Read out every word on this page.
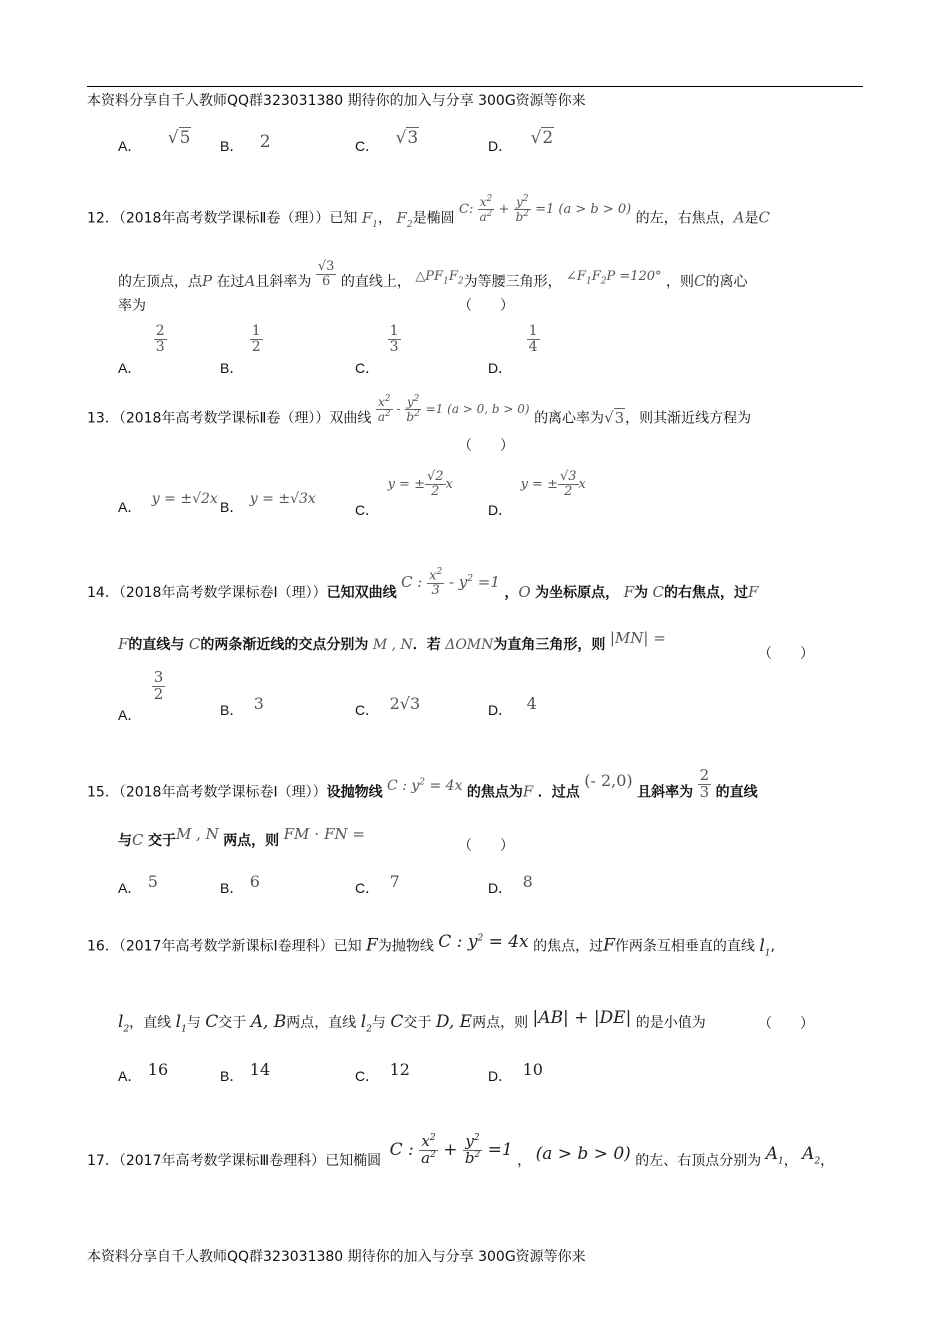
本资料分享自千人教师QQ群323031380 期待你的加入与分享 300G资源等你来
A． √5 B． 2	C． √3	D． √2
12．（2018年高考数学课标Ⅱ卷（理））已知 $F_1$， $F_2$是椭圆 C: $\frac{x^2}{a^2} + \frac{y^2}{b^2} =1$ (a > b > 0) 的左，右焦点，A是C
的左顶点，点P 在过A且斜率为 $\frac{√3}{6}$ 的直线上， $\triangle PF_1F_2$为等腰三角形， $\angle F_1F_2P =120^\circ$ ，则C的离心
率为	（　　）
A．
$\frac{2}{3}$
B．
$\frac{1}{2}$
C．
$\frac{1}{3}$
D．
$\frac{1}{4}$
13．（2018年高考数学课标Ⅱ卷（理））双曲线 $\frac{x^2}{a^2} - \frac{y^2}{b^2} =1$ (a > 0, b > 0) 的离心率为√3，则其渐近线方程为
（　　）
A． y = ±√2x B． y = ±√3x
C． y = ± $\frac{√2}{2}$ x
D． y = ± $\frac{√3}{2}$ x
14．（2018年高考数学课标卷Ⅰ（理））已知双曲线 C : $\frac{x^2}{3} - y^2 =1$ ，O 为坐标原点， F为 C的右焦点，过F
F的直线与 C的两条渐近线的交点分别为 M , N．若 ΔOMN为直角三角形，则 |MN| =
（　　）
A．
$\frac{3}{2}$
B． 3	C． 2√3	D． 4
15．（2018年高考数学课标卷Ⅰ（理））设抛物线 C : $y^2 = 4x$ 的焦点为F ．过点 (- 2,0) 且斜率为 $\frac{2}{3}$ 的直线
与C 交于M , N 两点，则 FM ⋅ FN =
（　　）
A． 5	B． 6	C． 7	D． 8
16．（2017年高考数学新课标Ⅰ卷理科）已知 F为抛物线 C : $y^2 = 4x$ 的焦点，过F作两条互相垂直的直线 $l_1$,
$l_2$，直线 $l_1$与 C交于 A, B两点，直线 $l_2$与 C交于 D, E两点，则 |AB| + |DE| 的是小值为	（　　）
A． 16	B． 14	C． 12	D． 10
17．（2017年高考数学课标Ⅲ卷理科）已知椭圆 C : $\frac{x^2}{a^2} + \frac{y^2}{b^2} =1$ ， (a > b > 0) 的左、右顶点分别为 $A_1$， $A_2$，
本资料分享自千人教师QQ群323031380 期待你的加入与分享 300G资源等你来
